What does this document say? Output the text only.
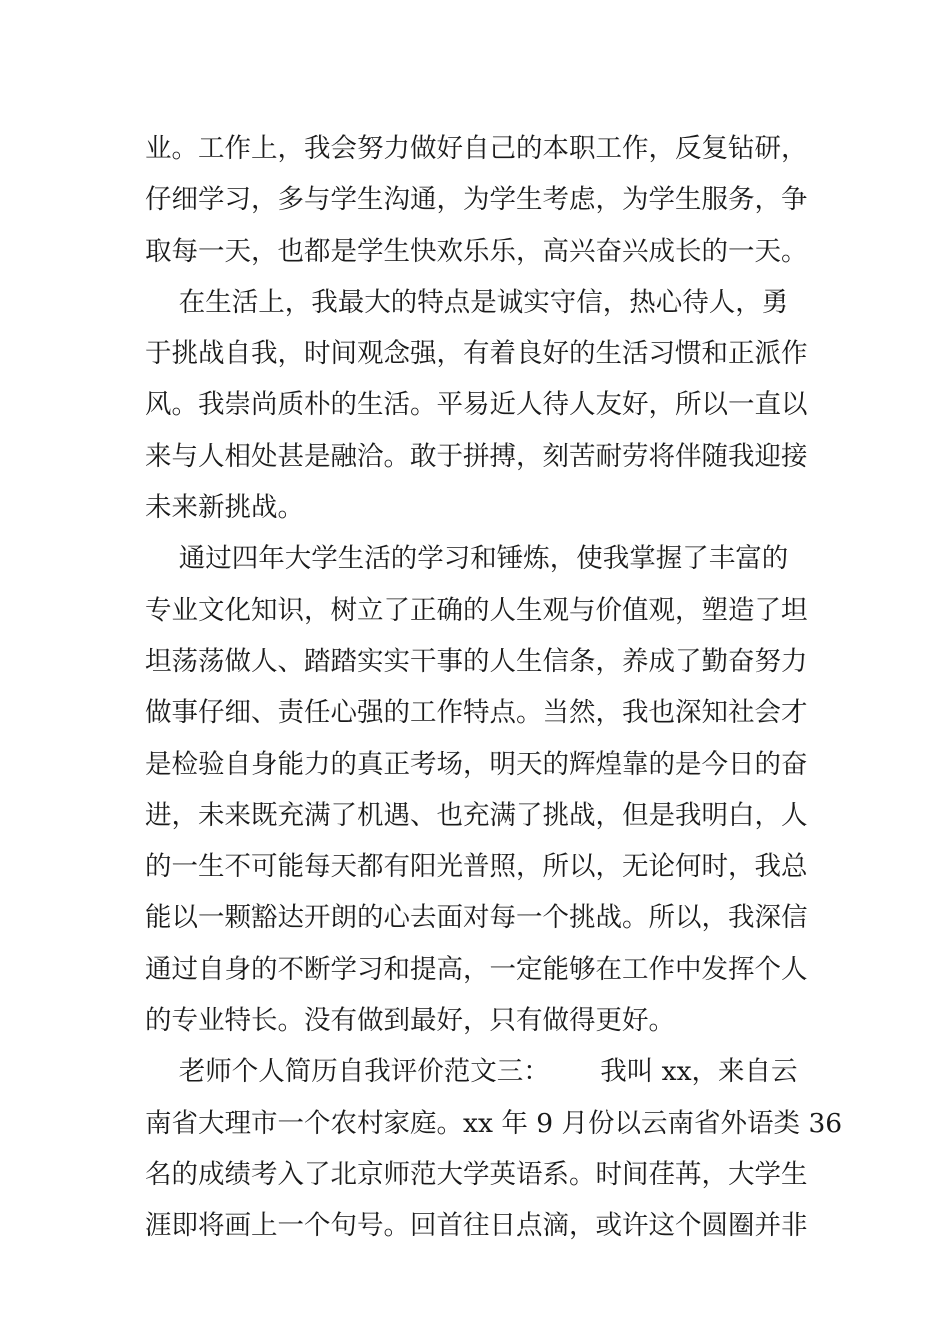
业。工作上，我会努力做好自己的本职工作，反复钻研，

仔细学习，多与学生沟通，为学生考虑，为学生服务，争

取每一天，也都是学生快欢乐乐，高兴奋兴成长的一天。

在生活上，我最大的特点是诚实守信，热心待人，勇

于挑战自我，时间观念强，有着良好的生活习惯和正派作

风。我崇尚质朴的生活。平易近人待人友好，所以一直以

来与人相处甚是融洽。敢于拼搏，刻苦耐劳将伴随我迎接

未来新挑战。

通过四年大学生活的学习和锤炼，使我掌握了丰富的

专业文化知识，树立了正确的人生观与价值观，塑造了坦

坦荡荡做人、踏踏实实干事的人生信条，养成了勤奋努力

做事仔细、责任心强的工作特点。当然，我也深知社会才

是检验自身能力的真正考场，明天的辉煌靠的是今日的奋

进，未来既充满了机遇、也充满了挑战，但是我明白，人

的一生不可能每天都有阳光普照，所以，无论何时，我总

能以一颗豁达开朗的心去面对每一个挑战。所以，我深信

通过自身的不断学习和提高，一定能够在工作中发挥个人

的专业特长。没有做到最好，只有做得更好。

老师个人简历自我评价范文三：      我叫 xx，来自云

南省大理市一个农村家庭。xx 年 9 月份以云南省外语类 36

名的成绩考入了北京师范大学英语系。时间荏苒，大学生

涯即将画上一个句号。回首往日点滴，或许这个圆圈并非
